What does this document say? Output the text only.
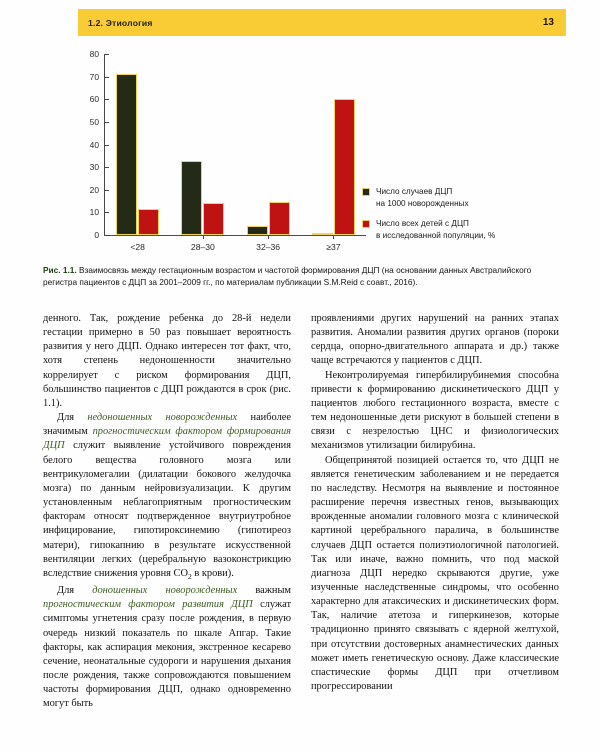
1.2. Этиология	13
80
70
60
50
40
30
20
10
0
<28	28–30	32–36	≥37
Число случаев ДЦП
на 1000 новорожденных
Число всех детей с ДЦП
в исследованной популяции, %
Рис. 1.1. Взаимосвязь между гестационным возрастом и частотой формирования ДЦП (на основании данных Австралийского регистра пациентов с ДЦП за 2001–2009 гг., по материалам публикации S.M.Reid с соавт., 2016).

денного. Так, рождение ребенка до 28-й недели гестации примерно в 50 раз повышает вероятность развития у него ДЦП. Однако интересен тот факт, что, хотя степень недоношенности значительно коррелирует с риском формирования ДЦП, большинство пациентов с ДЦП рождаются в срок (рис. 1.1).

Для недоношенных новорожденных наиболее значимым прогностическим фактором формирования ДЦП служит выявление устойчивого повреждения белого вещества головного мозга или вентрикуломегалии (дилатации бокового желудочка мозга) по данным нейровизуализации. К другим установленным неблагоприятным прогностическим факторам относят подтвержденное внутриутробное инфицирование, гипотироксинемию (гипотиреоз матери), гипокапнию в результате искусственной вентиляции легких (церебральную вазоконстрикцию вследствие снижения уровня $CO_2$ в крови).

Для доношенных новорожденных важным прогностическим фактором развития ДЦП служат симптомы угнетения сразу после рождения, в первую очередь низкий показатель по шкале Апгар. Такие факторы, как аспирация мекония, экстренное кесарево сечение, неонатальные судороги и нарушения дыхания после рождения, также сопровождаются повышением частоты формирования ДЦП, однако одновременно могут быть

проявлениями других нарушений на ранних этапах развития. Аномалии развития других органов (пороки сердца, опорно-двигательного аппарата и др.) также чаще встречаются у пациентов с ДЦП.

Неконтролируемая гипербилирубинемия способна привести к формированию дискинетического ДЦП у пациентов любого гестационного возраста, вместе с тем недоношенные дети рискуют в большей степени в связи с незрелостью ЦНС и физиологических механизмов утилизации билирубина.

Общепринятой позицией остается то, что ДЦП не является генетическим заболеванием и не передается по наследству. Несмотря на выявление и постоянное расширение перечня известных генов, вызывающих врожденные аномалии головного мозга с клинической картиной церебрального паралича, в большинстве случаев ДЦП остается полиэтиологичной патологией. Так или иначе, важно помнить, что под маской диагноза ДЦП нередко скрываются другие, уже изученные наследственные синдромы, что особенно характерно для атаксических и дискинетических форм. Так, наличие атетоза и гиперкинезов, которые традиционно принято связывать с ядерной желтухой, при отсутствии достоверных анамнестических данных может иметь генетическую основу. Даже классические спастические формы ДЦП при отчетливом прогрессировании
